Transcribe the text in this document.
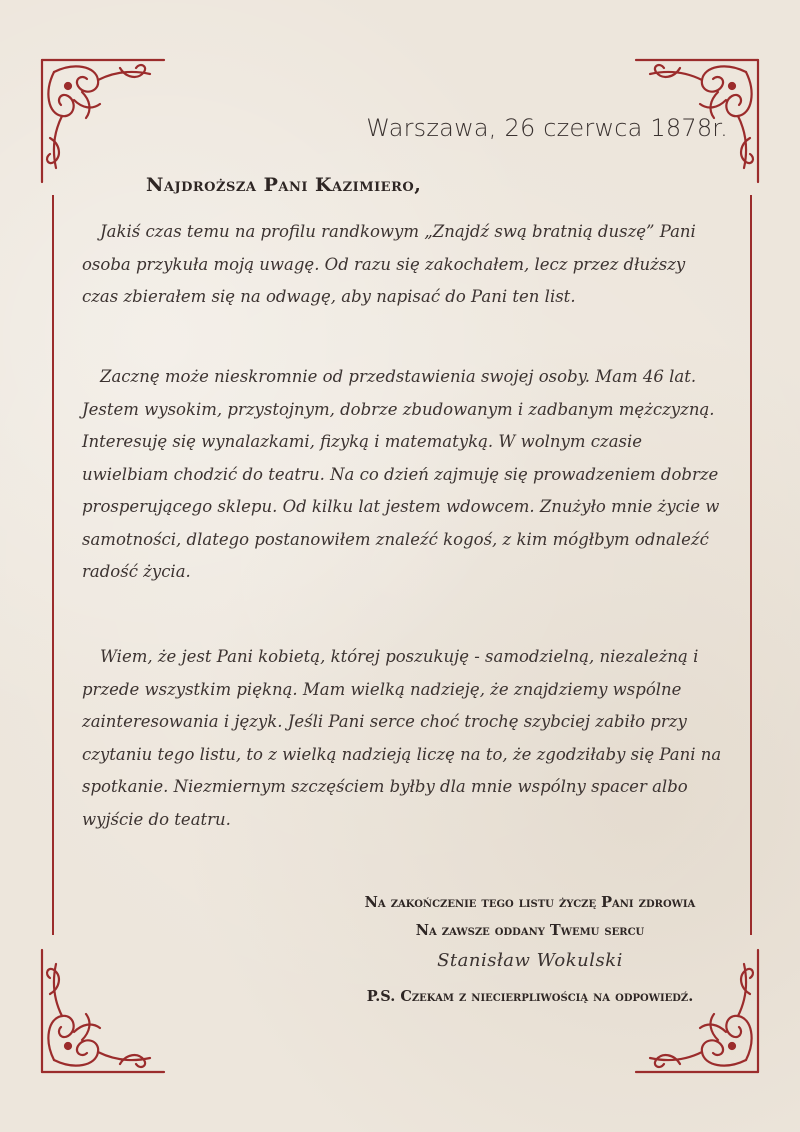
Warszawa, 26 czerwca 1878r.
Najdroższa Pani Kazimiero,

Jakiś czas temu na profilu randkowym „Znajdź swą bratnią duszę” Pani osoba przykuła moją uwagę. Od razu się zakochałem, lecz przez dłuższy czas zbierałem się na odwagę, aby napisać do Pani ten list.

Zacznę może nieskromnie od przedstawienia swojej osoby. Mam 46 lat. Jestem wysokim, przystojnym, dobrze zbudowanym i zadbanym mężczyzną. Interesuję się wynalazkami, fizyką i matematyką. W wolnym czasie uwielbiam chodzić do teatru. Na co dzień zajmuję się prowadzeniem dobrze prosperującego sklepu. Od kilku lat jestem wdowcem. Znużyło mnie życie w samotności, dlatego postanowiłem znaleźć kogoś, z kim mógłbym odnaleźć radość życia.

Wiem, że jest Pani kobietą, której poszukuję - samodzielną, niezależną i przede wszystkim piękną. Mam wielką nadzieję, że znajdziemy wspólne zainteresowania i język. Jeśli Pani serce choć trochę szybciej zabiło przy czytaniu tego listu, to z wielką nadzieją liczę na to, że zgodziłaby się Pani na spotkanie. Niezmiernym szczęściem byłby dla mnie wspólny spacer albo wyjście do teatru.

Na zakończenie tego listu życzę Pani zdrowia
Na zawsze oddany Twemu sercu
Stanisław Wokulski
P.S. Czekam z niecierpliwością na odpowiedź.
